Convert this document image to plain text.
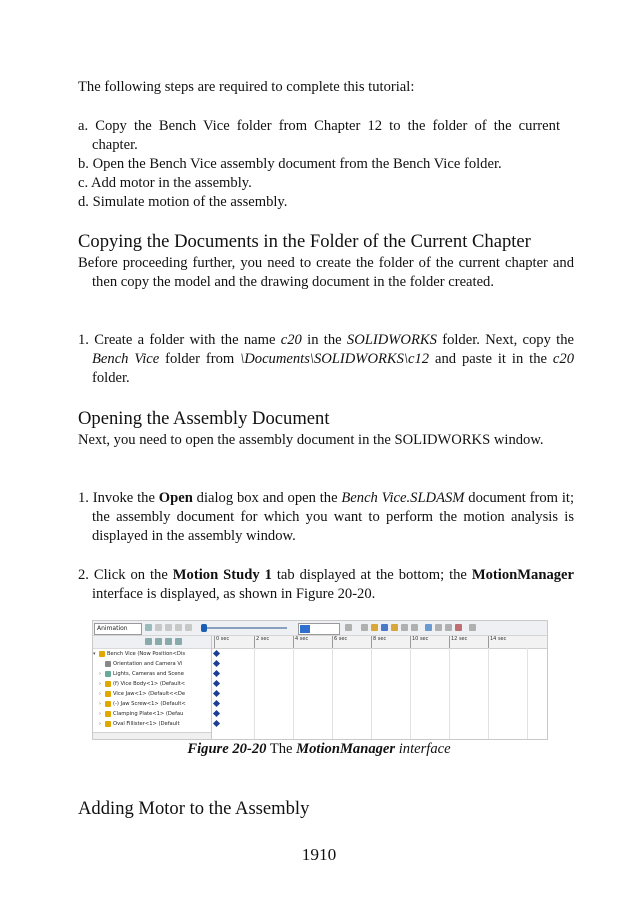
The following steps are required to complete this tutorial:

a. Copy the Bench Vice folder from Chapter 12 to the folder of the current chapter.

b. Open the Bench Vice assembly document from the Bench Vice folder.

c. Add motor in the assembly.

d. Simulate motion of the assembly.

Copying the Documents in the Folder of the Current Chapter

Before proceeding further, you need to create the folder of the current chapter and then copy the model and the drawing document in the folder created.

1. Create a folder with the name c20 in the SOLIDWORKS folder. Next, copy the Bench Vice folder from \Documents\SOLIDWORKS\c12 and paste it in the c20 folder.

Opening the Assembly Document

Next, you need to open the assembly document in the SOLIDWORKS window.

1. Invoke the Open dialog box and open the Bench Vice.SLDASM document from it; the assembly document for which you want to perform the motion analysis is displayed in the assembly window.

2. Click on the Motion Study 1 tab displayed at the bottom; the MotionManager interface is displayed, as shown in Figure 20-20.

Animation
▾ Bench Vice (Now Position<Dis
Orientation and Camera Vi
› Lights, Cameras and Scene
› (f) Vice Body<1> (Default<
› Vice Jaw<1> (Default<<De
› (-) Jaw Screw<1> (Default<
› Clamping Plate<1> (Defau
› Oval Fillister<1> (Default
0 sec	2 sec	4 sec	6 sec	8 sec	10 sec	12 sec	14 sec
Figure 20-20 The MotionManager interface
Adding Motor to the Assembly
1910
